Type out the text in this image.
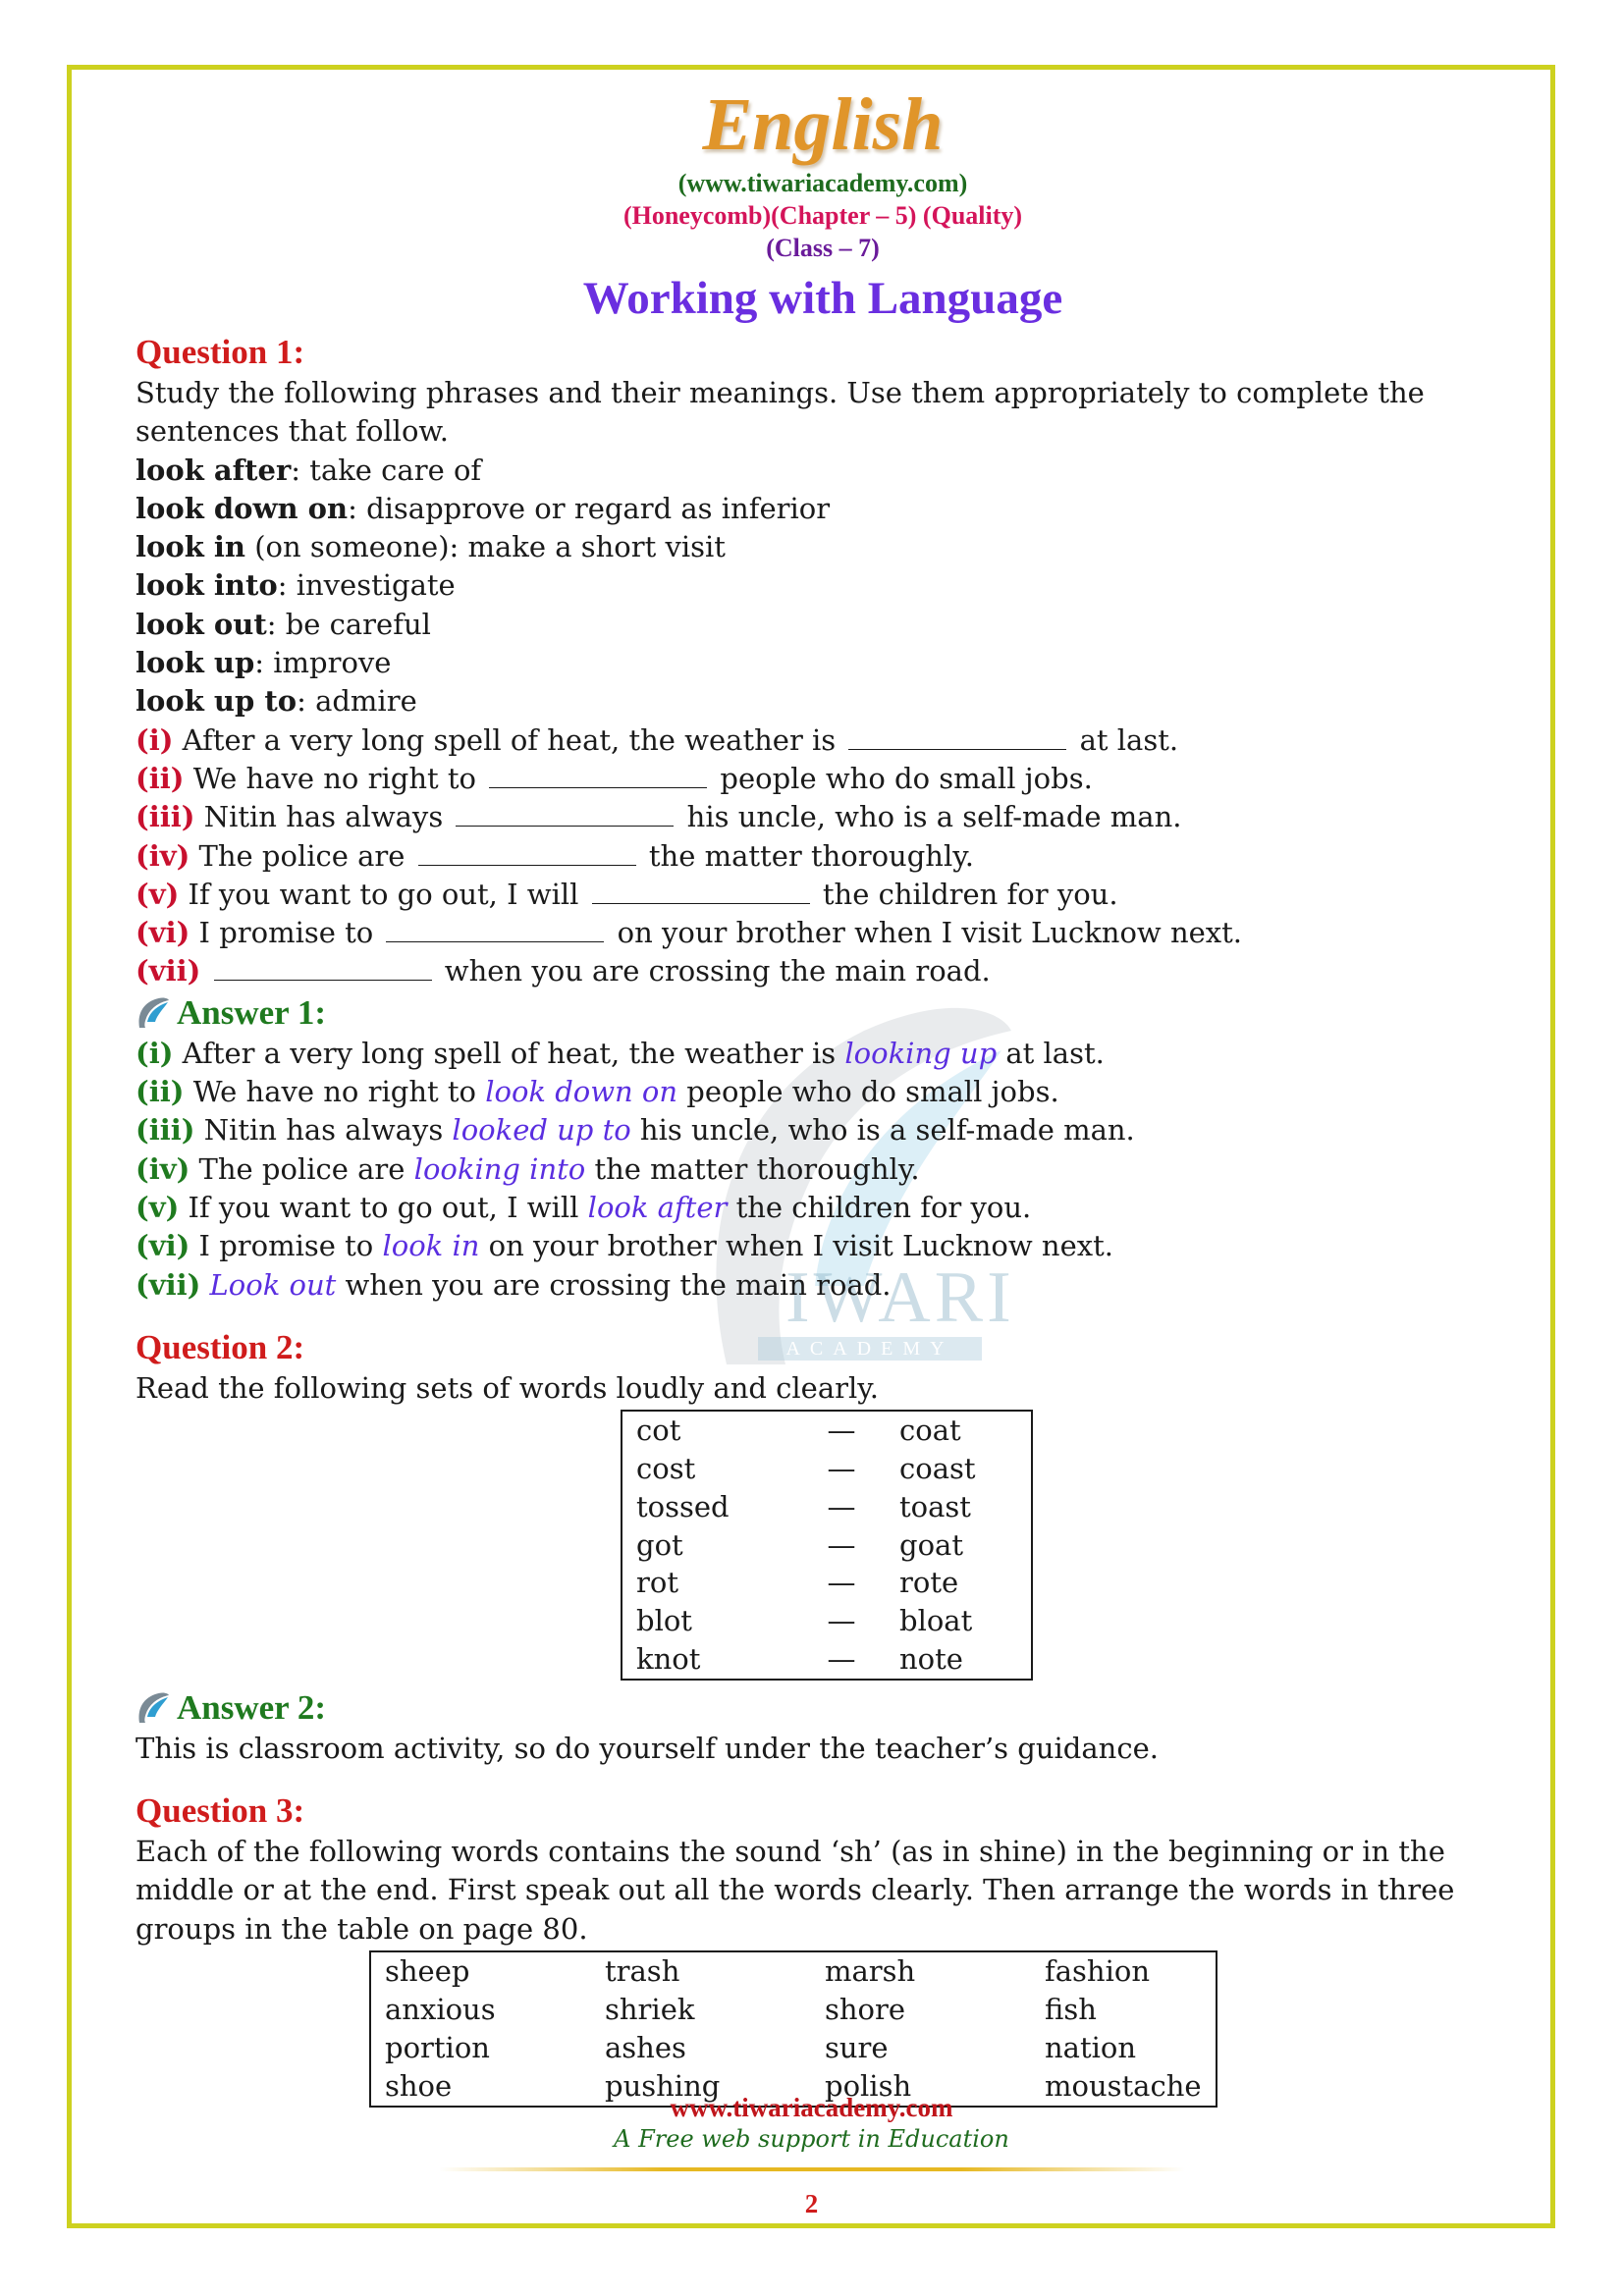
IWARI
ACADEMY
English
(www.tiwariacademy.com)
(Honeycomb)(Chapter – 5) (Quality)
(Class – 7)
Working with Language
Question 1:
Study the following phrases and their meanings. Use them appropriately to complete the sentences that follow.
look after: take care of
look down on: disapprove or regard as inferior
look in (on someone): make a short visit
look into: investigate
look out: be careful
look up: improve
look up to: admire
(i) After a very long spell of heat, the weather is	at last.
(ii) We have no right to	people who do small jobs.
(iii) Nitin has always	his uncle, who is a self-made man.
(iv) The police are	the matter thoroughly.
(v) If you want to go out, I will	the children for you.
(vi) I promise to	on your brother when I visit Lucknow next.
(vii)	when you are crossing the main road.
Answer 1:
(i) After a very long spell of heat, the weather is looking up at last.
(ii) We have no right to look down on people who do small jobs.
(iii) Nitin has always looked up to his uncle, who is a self-made man.
(iv) The police are looking into the matter thoroughly.
(v) If you want to go out, I will look after the children for you.
(vi) I promise to look in on your brother when I visit Lucknow next.
(vii) Look out when you are crossing the main road.
Question 2:
Read the following sets of words loudly and clearly.
cot	—	coat
cost	—	coast
tossed	—	toast
got	—	goat
rot	—	rote
blot	—	bloat
knot	—	note
Answer 2:
This is classroom activity, so do yourself under the teacher’s guidance.
Question 3:
Each of the following words contains the sound ‘sh’ (as in shine) in the beginning or in the middle or at the end. First speak out all the words clearly. Then arrange the words in three groups in the table on page 80.
sheep	trash	marsh	fashion
anxious	shriek	shore	fish
portion	ashes	sure	nation
shoe	pushing	polish	moustache
www.tiwariacademy.com
A Free web support in Education
2
